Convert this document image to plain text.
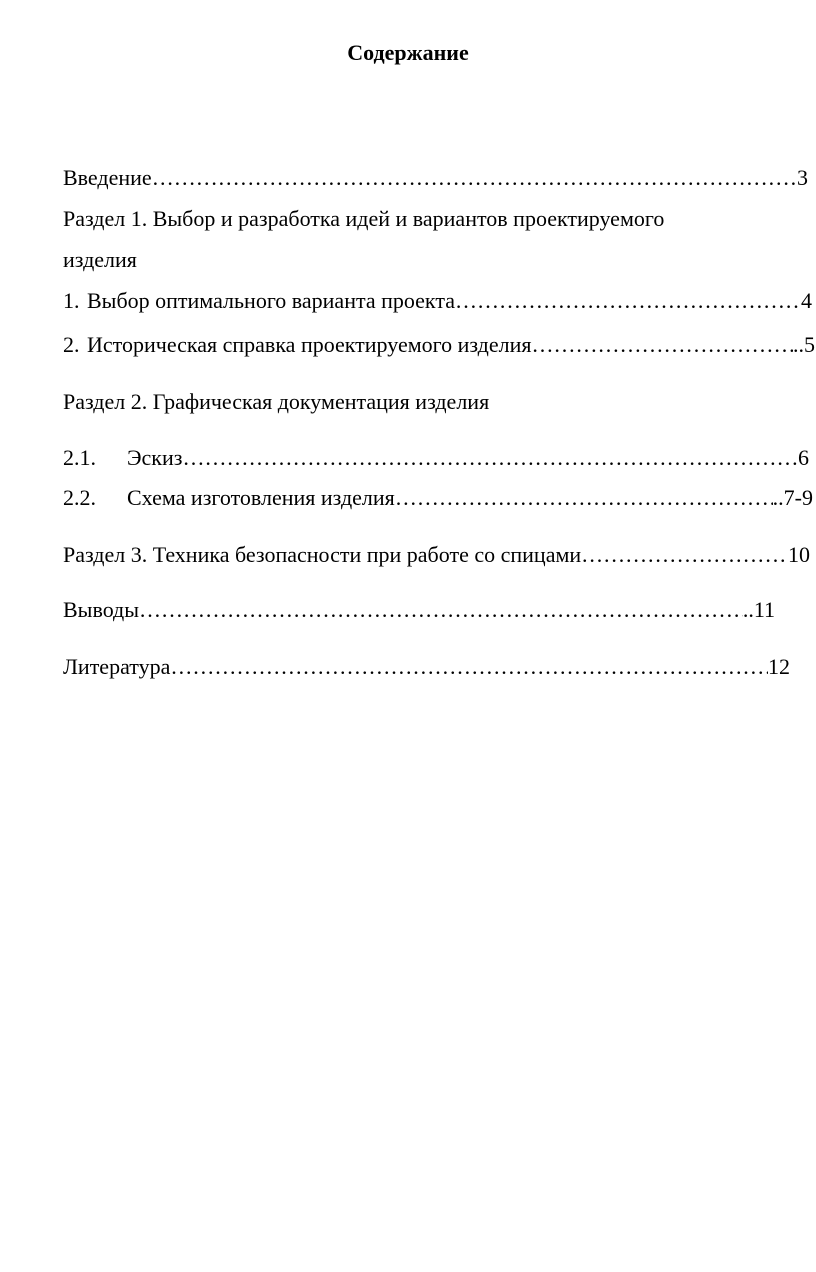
Содержание
Введение ……………………………………………………………………………………………………………………………………………………	3
Раздел 1. Выбор и разработка идей и вариантов проектируемого
изделия
1. Выбор оптимального варианта проекта ……………………………………………………………………………………………………………………………………………………	4
2. Историческая справка проектируемого изделия ……………………………………………………………………………………………………………………………………………………	..5
Раздел 2. Графическая документация изделия
2.1.	Эскиз ……………………………………………………………………………………………………………………………………………………	6
2.2.	Схема изготовления изделия ……………………………………………………………………………………………………………………………………………………	..7-9
Раздел 3. Техника безопасности при работе со спицами ……………………………………………………………………………………………………………………………………………………	10
Выводы ……………………………………………………………………………………………………………………………………………………	..11
Литература ……………………………………………………………………………………………………………………………………………………	12
